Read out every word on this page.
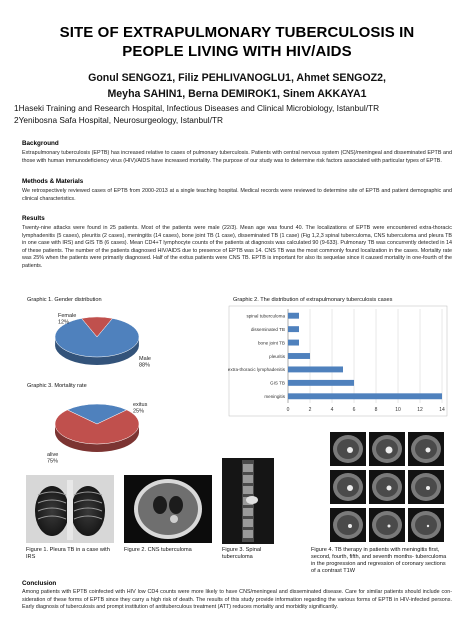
SITE OF EXTRAPULMONARY TUBERCULOSIS IN
PEOPLE LIVING WITH HIV/AIDS
Gonul SENGOZ1, Filiz PEHLIVANOGLU1, Ahmet SENGOZ2,
Meyha SAHIN1, Berna DEMIROK1, Sinem AKKAYA1
1Haseki Training and Research Hospital, Infectious Diseases and Clinical Microbiology, Istanbul/TR
2Yenibosna Safa Hospital, Neurosurgeology, Istanbul/TR
Background
Extrapulmonary tuberculosis (EPTB) has increased relative to cases of pulmonary tuberculosis. Patients with central nervous system (CNS)/meningeal and disseminated EPTB and those with human immunodeficiency virus (HIV)/AIDS have increased mortality. The purpose of our study was to determine risk factors associated with particular types of EPTB.
Methods & Materials
We retrospectively reviewed cases of EPTB from 2000-2013 at a single teaching hospital. Medical records were reviewed to determine site of EPTB and patient demographic and clinical characteristics.
Results
Twenty-nine attacks were found in 25 patients. Most of the patients were male (22/3). Mean age was found 40. The localizations of EPTB were encountered extra-thoracic lymphadenitis (5 cases), pleuritis (2 cases), meningitis (14 cases), bone joint TB (1 case), disseminated TB (1 case) (Fig 1,2,3 spinal tuberculoma, CNS tuberculoma and pleura TB in one case with IRS) and GIS TB (6 cases). Mean CD4+T lymphocyte counts of the patients at diagnosis was calculated 90 (9-633). Pulmonary TB was concurrently detected in 14 of these patients. The number of the patients diagnosed HIV/AIDS due to presence of EPTB was 14. CNS TB was the most commonly found localization in the cases. Mortality rate was 25% when the patients were primarily diagnosed. Half of the exitus patients were CNS TB. EPTB is important for also its sequelae since it caused mortality in one-fourth of the patients.
Graphic 1. Gender distribution
Female 12%
Male 88%
Graphic 3. Mortality rate
exitus 25%
alive 75%
Graphic 2. The distribution of extrapulmonary tuberculosis cases
0	2	4	6	8	10	12	14
spinal tuberculoma
disseminated TB
bone joint TB
pleuritis
extra-thoracic lymphadenitis
GIS TB
meningitis
Figure 1. Pleura TB in a case with IRS
Figure 2. CNS tuberculoma	Figure 3. Spinal tuberculoma
Figure 4. TB therapy in patients with meningitis first, second, fourth, fifth, and seventh months- tuberculoma in the progression and regression of coronary sections of a contrast T1W
Conclusion
Among patients with EPTB coinfected with HIV low CD4 counts were more likely to have CNS/meningeal and disseminated disease. Care for similar patients should include con- sideration of these forms of EPTB since they carry a high risk of death. The results of this study provide information regarding the various forms of EPTB in HIV-infected persons. Early diagnosis of tuberculosis and prompt institution of antituberculous treatment (ATT) reduces mortality and morbidity significantly.
